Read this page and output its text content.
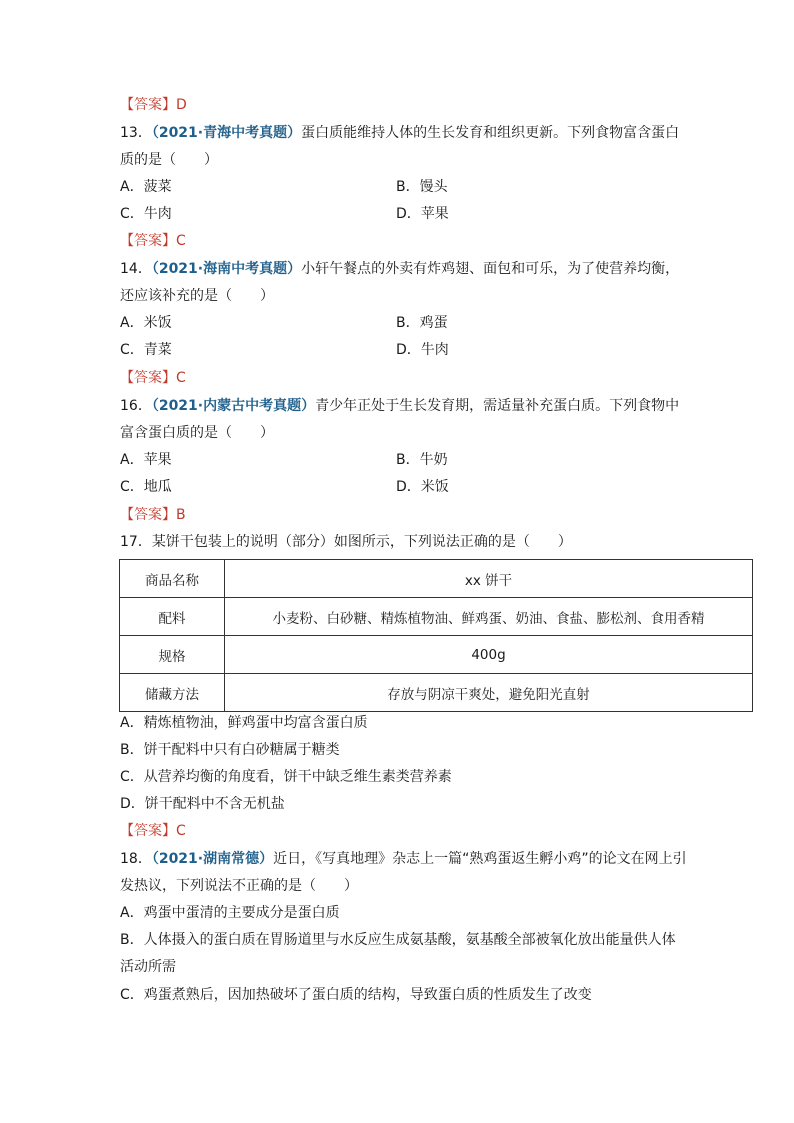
【答案】D
13．（2021·青海中考真题）蛋白质能维持人体的生长发育和组织更新。下列食物富含蛋白
质的是（　　）
A．菠菜	B．馒头
C．牛肉	D．苹果
【答案】C
14．（2021·海南中考真题）小轩午餐点的外卖有炸鸡翅、面包和可乐，为了使营养均衡，
还应该补充的是（　　）
A．米饭	B．鸡蛋
C．青菜	D．牛肉
【答案】C
16．（2021·内蒙古中考真题）青少年正处于生长发育期，需适量补充蛋白质。下列食物中
富含蛋白质的是（　　）
A．苹果	B．牛奶
C．地瓜	D．米饭
【答案】B
17．某饼干包装上的说明（部分）如图所示，下列说法正确的是（　　）
商品名称	xx 饼干
配料	小麦粉、白砂糖、精炼植物油、鲜鸡蛋、奶油、食盐、膨松剂、食用香精
规格	400g
储藏方法	存放与阴凉干爽处，避免阳光直射
A．精炼植物油，鲜鸡蛋中均富含蛋白质
B．饼干配料中只有白砂糖属于糖类
C．从营养均衡的角度看，饼干中缺乏维生素类营养素
D．饼干配料中不含无机盐
【答案】C
18．（2021·湖南常德）近日，《写真地理》杂志上一篇“熟鸡蛋返生孵小鸡”的论文在网上引
发热议，下列说法不正确的是（　　）
A．鸡蛋中蛋清的主要成分是蛋白质
B．人体摄入的蛋白质在胃肠道里与水反应生成氨基酸，氨基酸全部被氧化放出能量供人体
活动所需
C．鸡蛋煮熟后，因加热破坏了蛋白质的结构，导致蛋白质的性质发生了改变
